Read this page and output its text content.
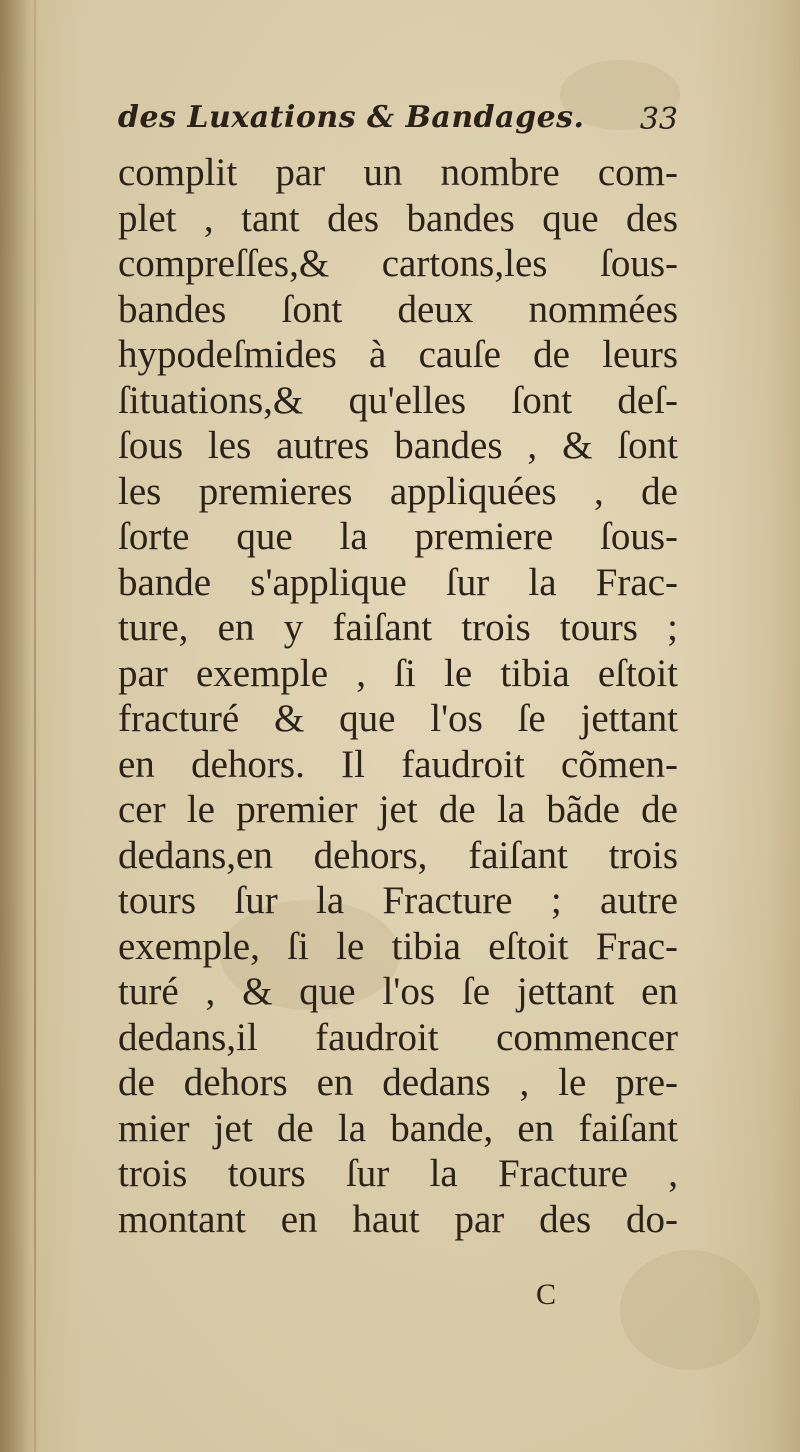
des Luxations & Bandages. 33
complit par un nombre com-
plet , tant des bandes que des
compreſſes,& cartons,les ſous-
bandes ſont deux nommées
hypodeſmides à cauſe de leurs
ſituations,& qu'elles ſont deſ-
ſous les autres bandes , & ſont
les premieres appliquées , de
ſorte que la premiere ſous-
bande s'applique ſur la Frac-
ture, en y faiſant trois tours ;
par exemple , ſi le tibia eſtoit
fracturé & que l'os ſe jettant
en dehors. Il faudroit cõmen-
cer le premier jet de la bãde de
dedans,en dehors, faiſant trois
tours ſur la Fracture ; autre
exemple, ſi le tibia eſtoit Frac-
turé , & que l'os ſe jettant en
dedans,il faudroit commencer
de dehors en dedans , le pre-
mier jet de la bande, en faiſant
trois tours ſur la Fracture ,
montant en haut par des do-
C
